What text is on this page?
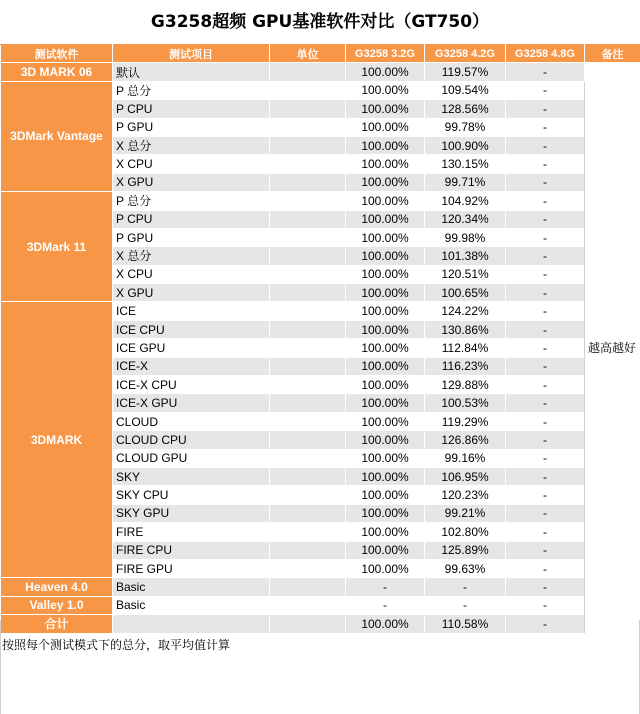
G3258超频 GPU基准软件对比（GT750）
测试软件	测试项目	单位	G3258 3.2G	G3258 4.2G	G3258 4.8G	备注
3D MARK 06	默认		100.00%	119.57%	-	越高越好
3DMark Vantage	P 总分		100.00%	109.54%	-	
	P CPU		100.00%	128.56%	-	
	P GPU		100.00%	99.78%	-	
	X 总分		100.00%	100.90%	-	
	X CPU		100.00%	130.15%	-	
	X GPU		100.00%	99.71%	-	
3DMark 11	P 总分		100.00%	104.92%	-	
	P CPU		100.00%	120.34%	-	
	P GPU		100.00%	99.98%	-	
	X 总分		100.00%	101.38%	-	
	X CPU		100.00%	120.51%	-	
	X GPU		100.00%	100.65%	-	
3DMARK	ICE		100.00%	124.22%	-	
	ICE CPU		100.00%	130.86%	-	
	ICE GPU		100.00%	112.84%	-	
	ICE-X		100.00%	116.23%	-	
	ICE-X CPU		100.00%	129.88%	-	
	ICE-X GPU		100.00%	100.53%	-	
	CLOUD		100.00%	119.29%	-	
	CLOUD CPU		100.00%	126.86%	-	
	CLOUD GPU		100.00%	99.16%	-	
	SKY		100.00%	106.95%	-	
	SKY CPU		100.00%	120.23%	-	
	SKY GPU		100.00%	99.21%	-	
	FIRE		100.00%	102.80%	-	
	FIRE CPU		100.00%	125.89%	-	
	FIRE GPU		100.00%	99.63%	-	
Heaven 4.0	Basic		-	-	-	
Valley 1.0	Basic		-	-	-	
合计			100.00%	110.58%	-	
按照每个测试模式下的总分，取平均值计算
